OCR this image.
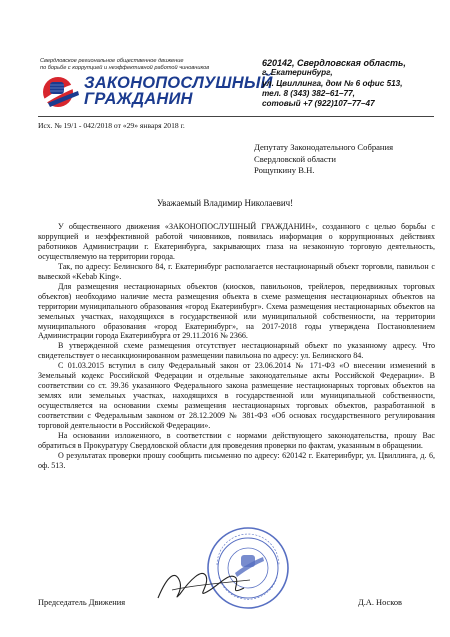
Свердловское региональное общественное движение
по борьбе с коррупцией и неэффективной работой чиновников
ЗАКОНОПОСЛУШНЫЙ
ГРАЖДАНИН
620142, Свердловская область,
г. Екатеринбург,
ул. Цвиллинга, дом № 6 офис 513,
тел. 8 (343) 382–61–77,
сотовый +7 (922)107–77–47
Исх. № 19/1 - 042/2018 от «29» января 2018 г.
Депутату Законодательного Собрания
Свердловской области
Рощупкину В.Н.
Уважаемый Владимир Николаевич!

У общественного движения «ЗАКОНОПОСЛУШНЫЙ ГРАЖДАНИН», созданного с целью борьбы с коррупцией и неэффективной работой чиновников, появилась информация о коррупционных действиях работников Администрации г. Екатеринбурга, закрывающих глаза на незаконную торговую деятельность, осуществляемую на территории города.

Так, по адресу: Белинского 84, г. Екатеринбург располагается нестационарный объект торговли, павильон с вывеской «Kebab King».

Для размещения нестационарных объектов (киосков, павильонов, трейлеров, передвижных торговых объектов) необходимо наличие места размещения объекта в схеме размещения нестационарных объектов на территории муниципального образования «город Екатеринбург». Схема размещения нестационарных объектов на земельных участках, находящихся в государственной или муниципальной собственности, на территории муниципального образования «город Екатеринбург», на 2017-2018 годы утверждена Постановлением Администрации города Екатеринбурга от 29.11.2016 № 2366.

В утвержденной схеме размещения отсутствует нестационарный объект по указанному адресу. Что свидетельствует о несанкционированном размещении павильона по адресу: ул. Белинского 84.

С 01.03.2015 вступил в силу Федеральный закон от 23.06.2014 № 171-ФЗ «О внесении изменений в Земельный кодекс Российской Федерации и отдельные законодательные акты Российской Федерации». В соответствии со ст. 39.36 указанного Федерального закона размещение нестационарных торговых объектов на землях или земельных участках, находящихся в государственной или муниципальной собственности, осуществляется на основании схемы размещения нестационарных торговых объектов, разработанной в соответствии с Федеральным законом от 28.12.2009 № 381-ФЗ «Об основах государственного регулирования торговой деятельности в Российской Федерации».

На основании изложенного, в соответствии с нормами действующего законодательства, прошу Вас обратиться в Прокуратуру Свердловской области для проведения проверки по фактам, указанным в обращении.

О результатах проверки прошу сообщить письменно по адресу: 620142 г. Екатеринбург, ул. Цвиллинга, д. 6, оф. 513.

Председатель Движения	Д.А. Носков
